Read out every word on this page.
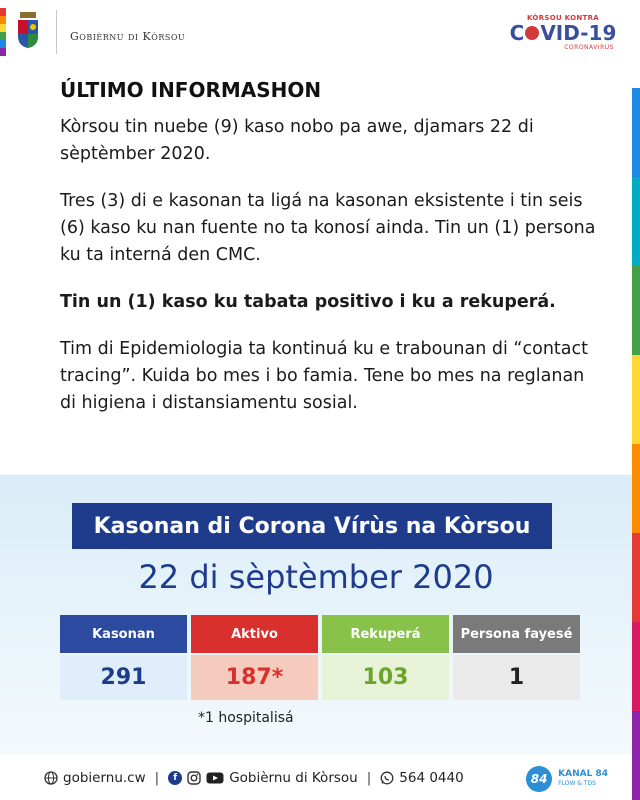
Gobièrnu di Kòrsou
KÒRSOU KONTRA
C VID-19
CORONAVIRUS
ÚLTIMO INFORMASHON

Kòrsou tin nuebe (9) kaso nobo pa awe, djamars 22 di sèptèmber 2020.

Tres (3) di e kasonan ta ligá na kasonan eksistente i tin seis (6) kaso ku nan fuente no ta konosí ainda. Tin un (1) persona ku ta interná den CMC.

Tin un (1) kaso ku tabata positivo i ku a rekuperá.

Tim di Epidemiologia ta kontinuá ku e trabounan di “contact tracing”. Kuida bo mes i bo famia. Tene bo mes na reglanan di higiena i distansiamentu sosial.

Kasonan di Corona Vírùs na Kòrsou
22 di sèptèmber 2020
Kasonan	Aktivo	Rekuperá	Persona fayesé
291	187*	103	1
*1 hospitalisá
gobiernu.cw |	f	Gobièrnu di Kòrsou | 564 0440	84	KANAL 84
FLOW & TDS
